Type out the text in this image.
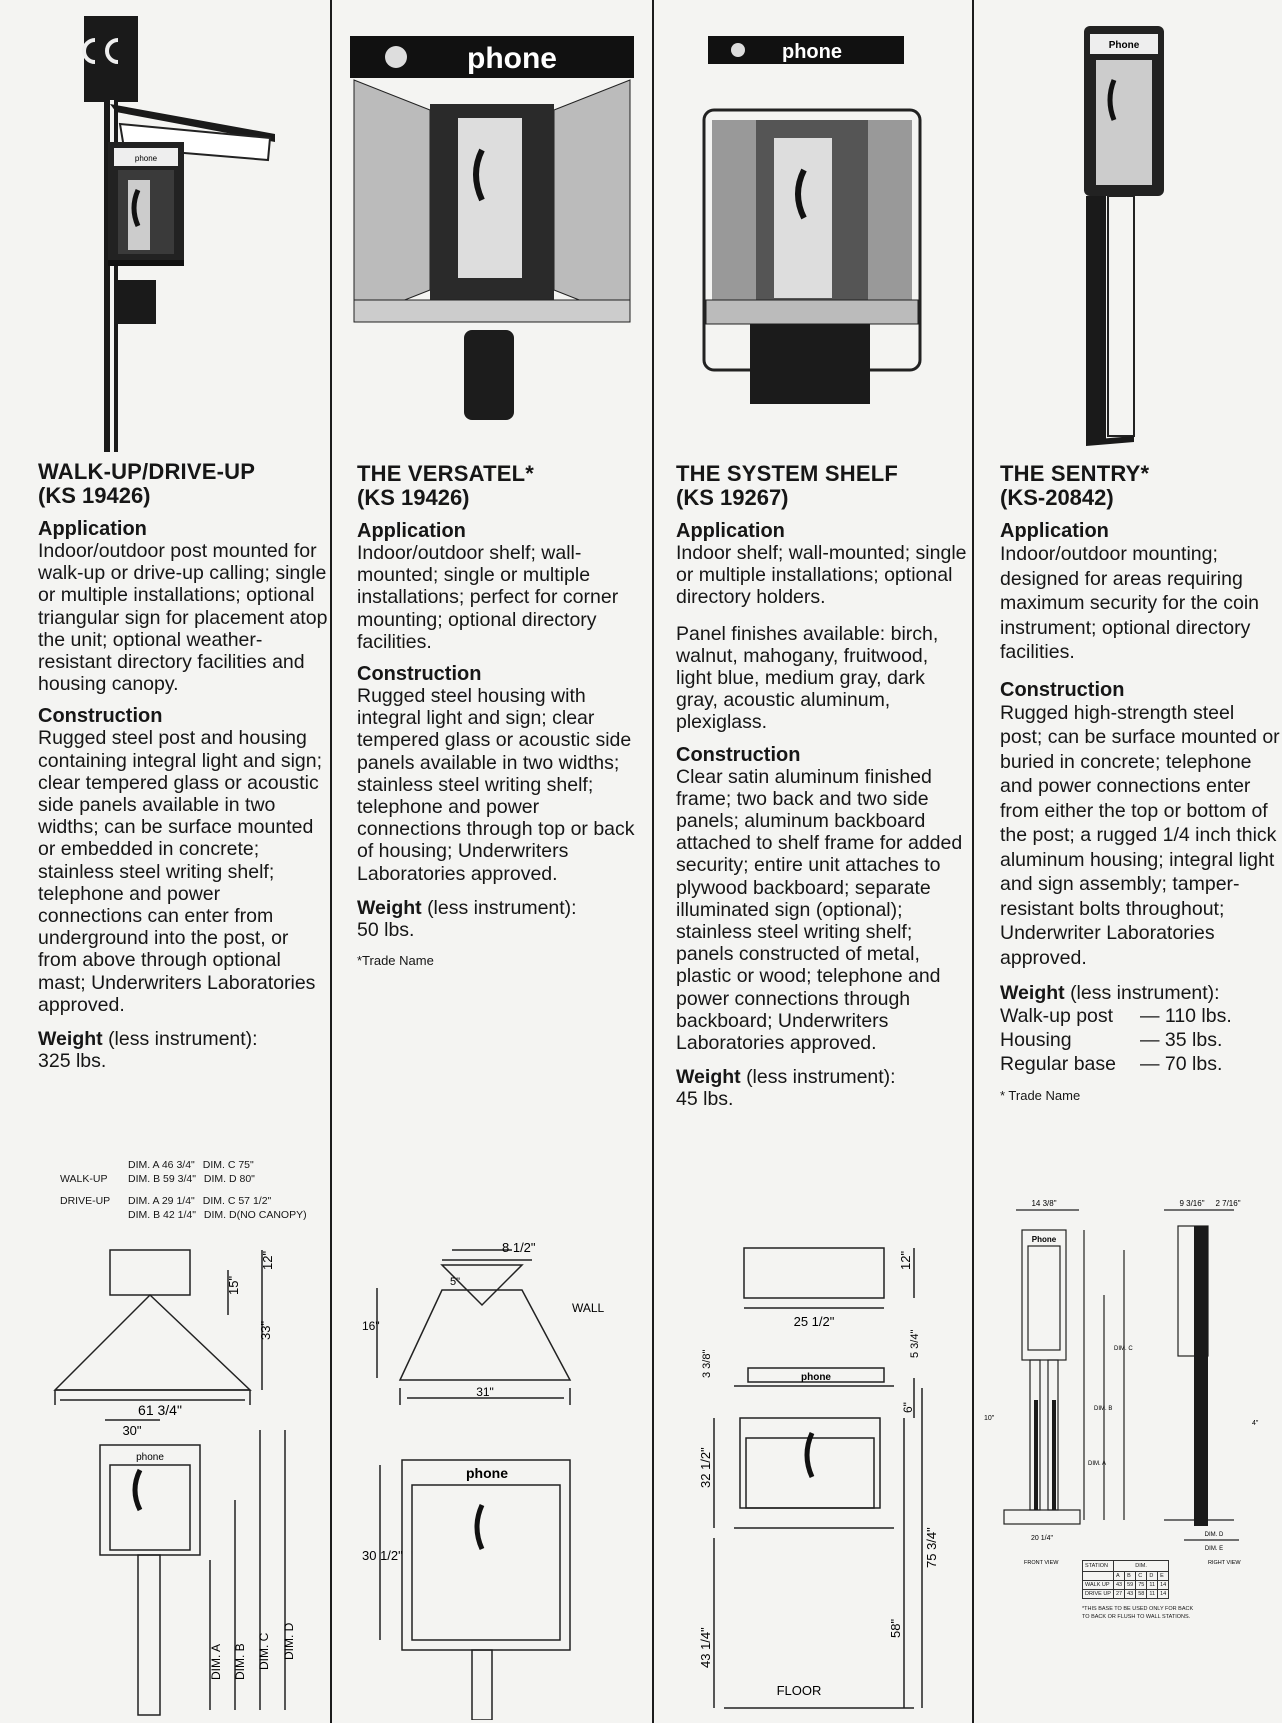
phone
WALK-UP/DRIVE-UP
(KS 19426)
Application

Indoor/outdoor post mounted for walk-up or drive-up calling; single or multiple installations; optional triangular sign for placement atop the unit; optional weather-resistant directory facilities and housing canopy.

Construction

Rugged steel post and housing containing integral light and sign; clear tempered glass or acoustic side panels available in two widths; can be surface mounted or embedded in concrete; stainless steel writing shelf; telephone and power connections can enter from underground into the post, or from above through optional mast; Underwriters Laboratories approved.

Weight (less instrument):
325 lbs.
DIM. A 46 3/4" DIM. C 75"
WALK-UP	DIM. B 59 3/4" DIM. D 80"
DRIVE-UP	DIM. A 29 1/4" DIM. C 57 1/2"
DIM. B 42 1/4" DIM. D(NO CANOPY)
12"
15"
33"
61 3/4"
30"
phone
DIM. A DIM. B DIM. C DIM. D
phone
THE VERSATEL*
(KS 19426)
Application

Indoor/outdoor shelf; wall-mounted; single or multiple installations; perfect for corner mounting; optional directory facilities.

Construction

Rugged steel housing with integral light and sign; clear tempered glass or acoustic side panels available in two widths; stainless steel writing shelf; telephone and power connections through top or back of housing; Underwriters Laboratories approved.

Weight (less instrument):
50 lbs.
*Trade Name
8 1/2"
5"
16"
WALL
31"
30 1/2"
phone
phone
THE SYSTEM SHELF
(KS 19267)
Application

Indoor shelf; wall-mounted; single or multiple installations; optional directory holders.

Panel finishes available: birch, walnut, mahogany, fruitwood, light blue, medium gray, dark gray, acoustic aluminum, plexiglass.

Construction

Clear satin aluminum finished frame; two back and two side panels; aluminum backboard attached to shelf frame for added security; entire unit attaches to plywood backboard; separate illuminated sign (optional); stainless steel writing shelf; panels constructed of metal, plastic or wood; telephone and power connections through backboard; Underwriters Laboratories approved.

Weight (less instrument):
45 lbs.
12"
25 1/2"
3 3/8"
5 3/4"
phone
6"
32 1/2"
75 3/4"
43 1/4"	58"
FLOOR
Phone
THE SENTRY*
(KS-20842)
Application

Indoor/outdoor mounting; designed for areas requiring maximum security for the coin instrument; optional directory facilities.

Construction

Rugged high-strength steel post; can be surface mounted or buried in concrete; telephone and power connections enter from either the top or bottom of the post; a rugged 1/4 inch thick aluminum housing; integral light and sign assembly; tamper-resistant bolts throughout; Underwriter Laboratories approved.

Weight (less instrument):
Walk-up post	— 110 lbs.
Housing	— 35 lbs.
Regular base	— 70 lbs.
* Trade Name
14 3/8"	9 3/16" 2 7/16"
Phone
DIM. C
DIM. B
DIM. A
10"
4"
20 1/4"	DIM. D
DIM. E
FRONT VIEW	RIGHT VIEW
STATION	DIM.				
	A	B	C	D	E
WALK UP	43	59	75	11	14
DRIVE UP	27	43	58	11	14
*THIS BASE TO BE USED ONLY FOR BACK TO BACK OR FLUSH TO WALL STATIONS.
